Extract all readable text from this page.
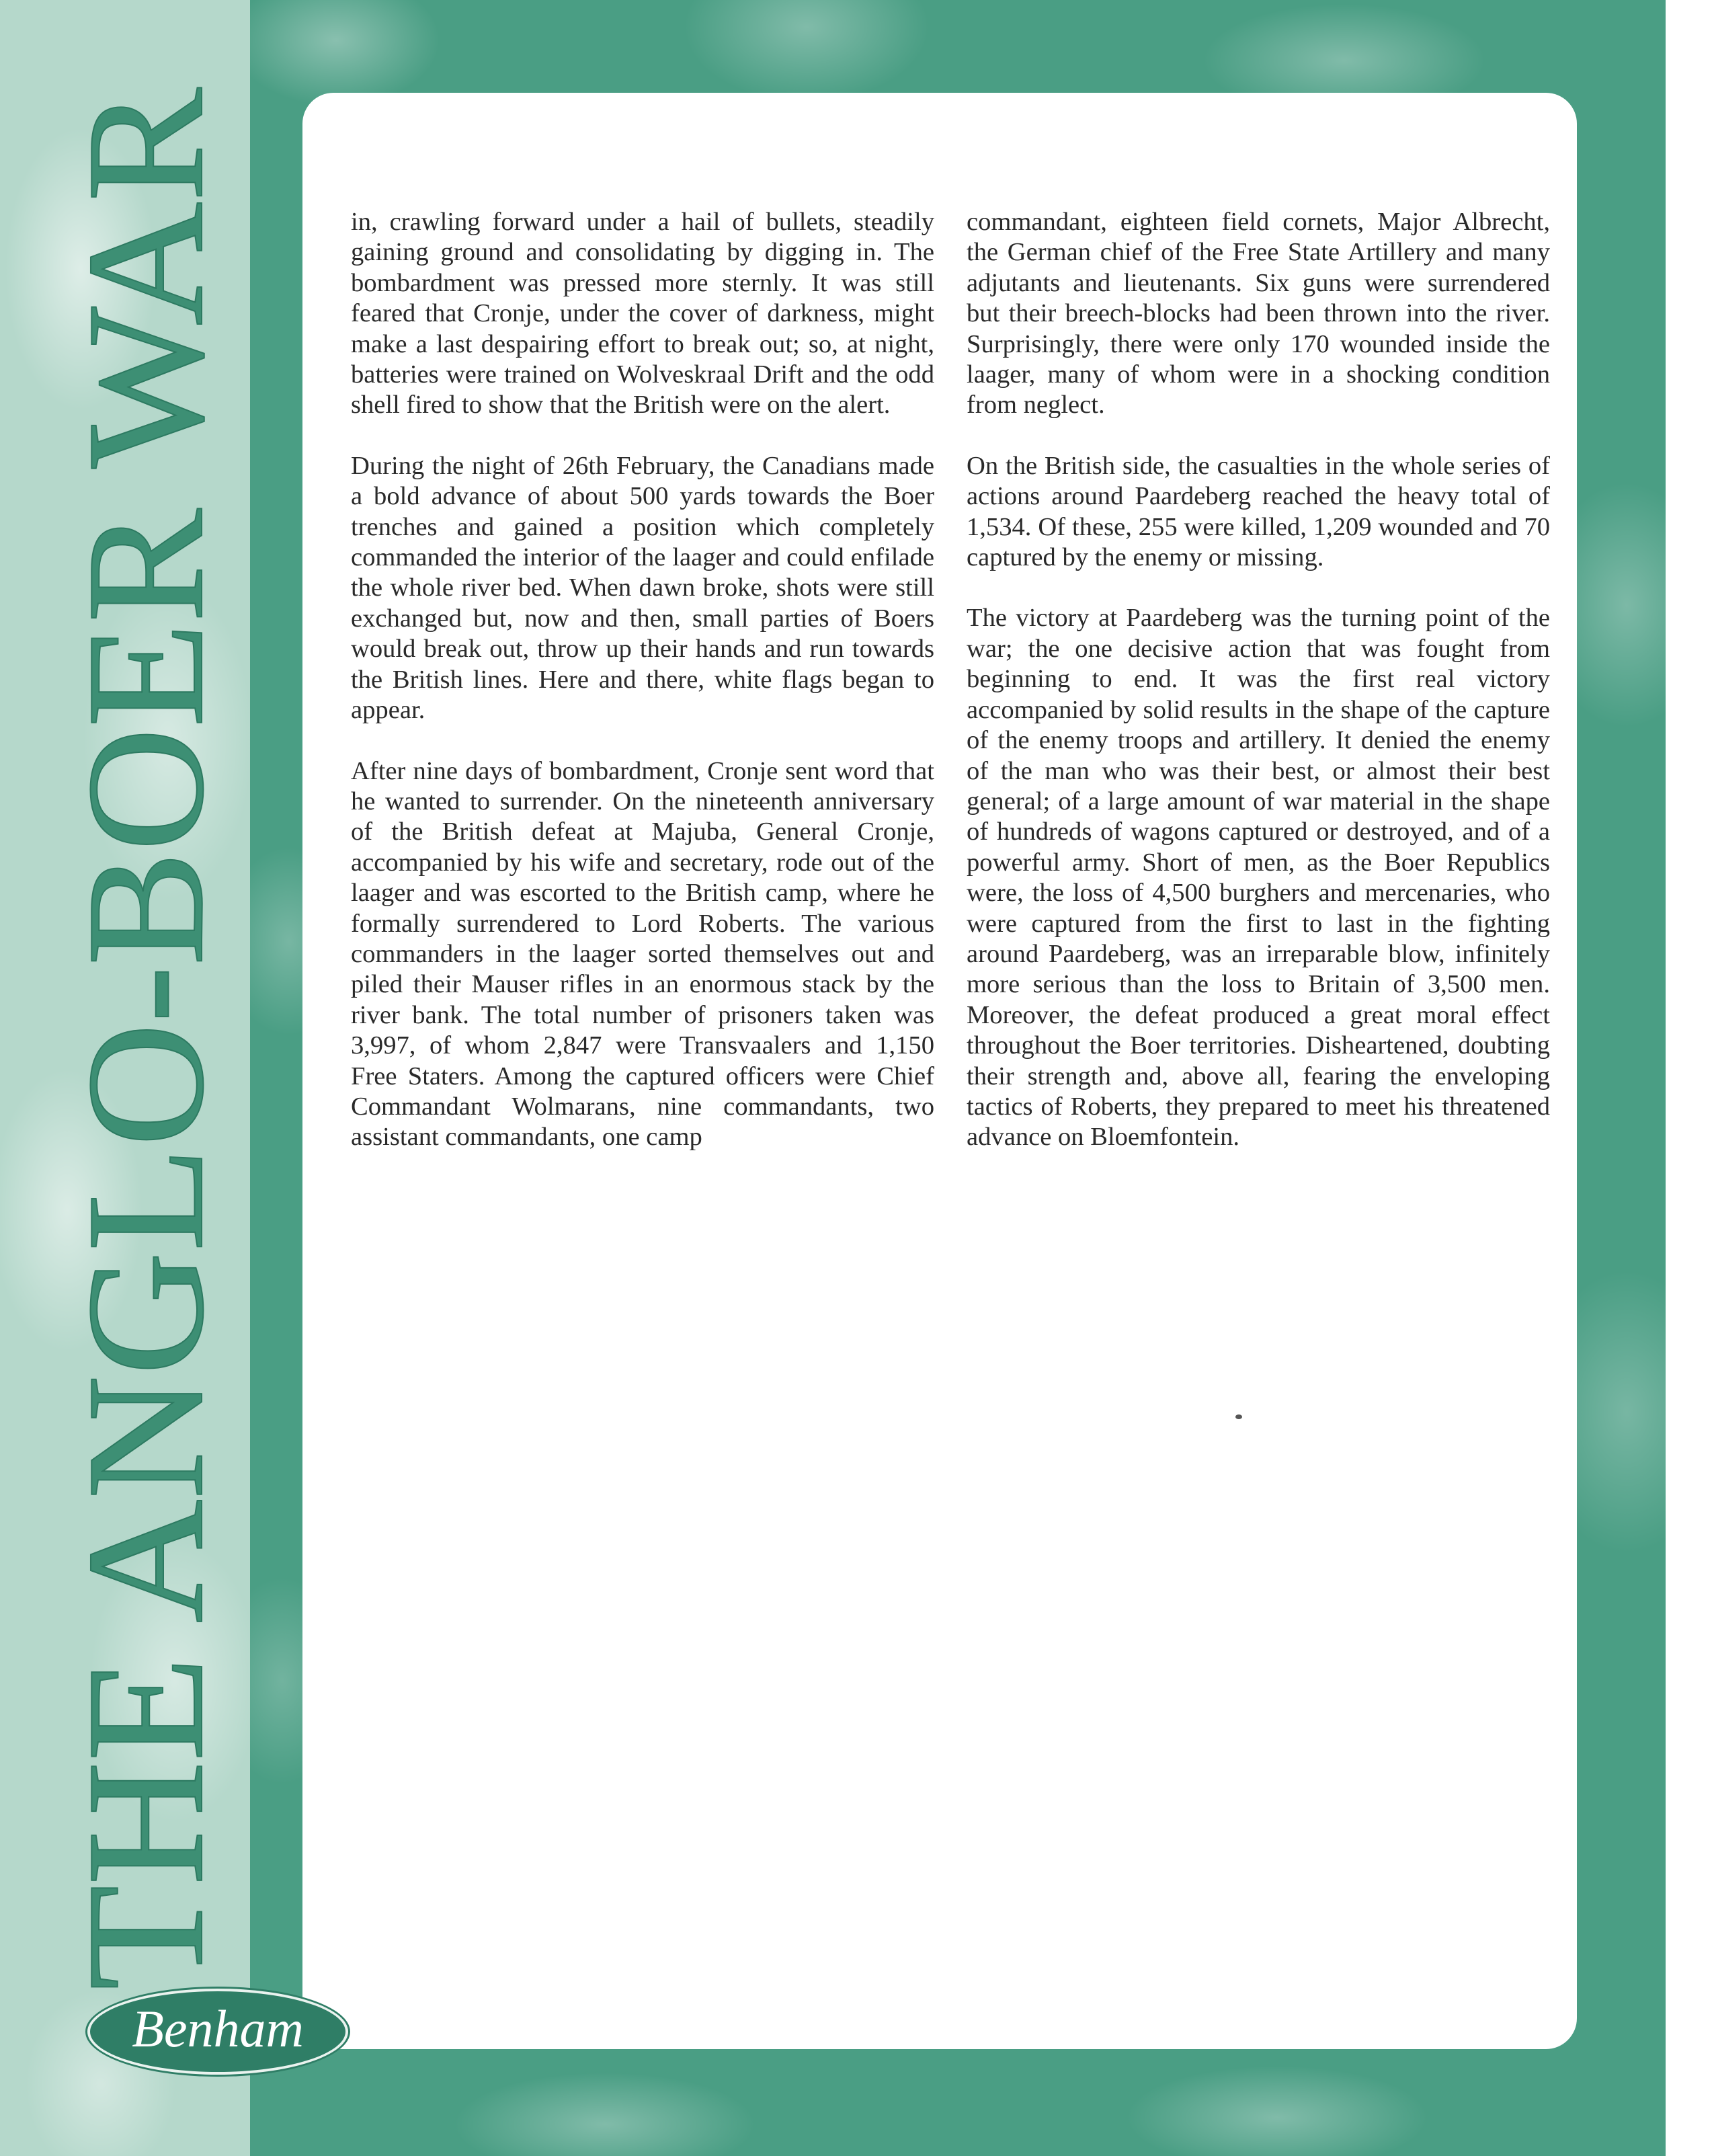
THE ANGLO-BOER WAR	in, crawling forward under a hail of bullets, steadily gaining ground and consolidating by digging in. The bombardment was pressed more sternly. It was still feared that Cronje, under the cover of darkness, might make a last despairing effort to break out; so, at night, batteries were trained on Wolveskraal Drift and the odd shell fired to show that the British were on the alert.

During the night of 26th February, the Canadians made a bold advance of about 500 yards towards the Boer trenches and gained a position which completely commanded the interior of the laager and could enfilade the whole river bed. When dawn broke, shots were still exchanged but, now and then, small parties of Boers would break out, throw up their hands and run towards the British lines. Here and there, white flags began to appear.

After nine days of bombardment, Cronje sent word that he wanted to surrender. On the nineteenth anniversary of the British defeat at Majuba, General Cronje, accompanied by his wife and secretary, rode out of the laager and was escorted to the British camp, where he formally surrendered to Lord Roberts. The various commanders in the laager sorted themselves out and piled their Mauser rifles in an enormous stack by the river bank. The total number of prisoners taken was 3,997, of whom 2,847 were Transvaalers and 1,150 Free Staters. Among the captured officers were Chief Commandant Wolmarans, nine commandants, two assistant commandants, one camp

commandant, eighteen field cornets, Major Albrecht, the German chief of the Free State Artillery and many adjutants and lieutenants. Six guns were surrendered but their breech-blocks had been thrown into the river. Surprisingly, there were only 170 wounded inside the laager, many of whom were in a shocking condition from neglect.

On the British side, the casualties in the whole series of actions around Paardeberg reached the heavy total of 1,534. Of these, 255 were killed, 1,209 wounded and 70 captured by the enemy or missing.

The victory at Paardeberg was the turning point of the war; the one decisive action that was fought from beginning to end. It was the first real victory accompanied by solid results in the shape of the capture of the enemy troops and artillery. It denied the enemy of the man who was their best, or almost their best general; of a large amount of war material in the shape of hundreds of wagons captured or destroyed, and of a powerful army. Short of men, as the Boer Republics were, the loss of 4,500 burghers and mercenaries, who were captured from the first to last in the fighting around Paardeberg, was an irreparable blow, infinitely more serious than the loss to Britain of 3,500 men. Moreover, the defeat produced a great moral effect throughout the Boer territories. Disheartened, doubting their strength and, above all, fearing the enveloping tactics of Roberts, they prepared to meet his threatened advance on Bloemfontein.

Benham
